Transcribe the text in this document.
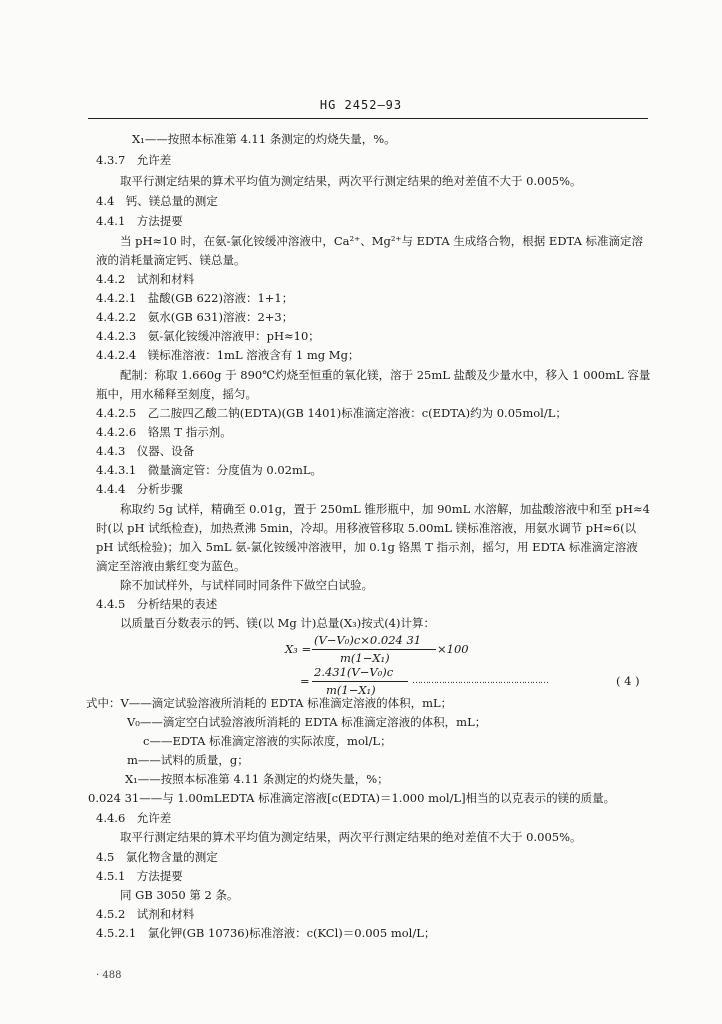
HG 2452—93
X₁——按照本标准第 4.11 条测定的灼烧失量，%。
4.3.7　允许差
取平行测定结果的算术平均值为测定结果，两次平行测定结果的绝对差值不大于 0.005%。
4.4　钙、镁总量的测定
4.4.1　方法提要
当 pH≈10 时，在氨-氯化铵缓冲溶液中，Ca²⁺、Mg²⁺与 EDTA 生成络合物，根据 EDTA 标准滴定溶
液的消耗量滴定钙、镁总量。
4.4.2　试剂和材料
4.4.2.1　盐酸(GB 622)溶液：1+1；
4.4.2.2　氨水(GB 631)溶液：2+3；
4.4.2.3　氨-氯化铵缓冲溶液甲：pH≈10；
4.4.2.4　镁标准溶液：1mL 溶液含有 1 mg Mg；
配制：称取 1.660g 于 890℃灼烧至恒重的氧化镁，溶于 25mL 盐酸及少量水中，移入 1 000mL 容量
瓶中，用水稀释至刻度，摇匀。
4.4.2.5　乙二胺四乙酸二钠(EDTA)(GB 1401)标准滴定溶液：c(EDTA)约为 0.05mol/L；
4.4.2.6　铬黑 T 指示剂。
4.4.3　仪器、设备
4.4.3.1　微量滴定管：分度值为 0.02mL。
4.4.4　分析步骤
称取约 5g 试样，精确至 0.01g，置于 250mL 锥形瓶中，加 90mL 水溶解，加盐酸溶液中和至 pH≈4
时(以 pH 试纸检查)，加热煮沸 5min，冷却。用移液管移取 5.00mL 镁标准溶液，用氨水调节 pH≈6(以
pH 试纸检验)；加入 5mL 氨-氯化铵缓冲溶液甲，加 0.1g 铬黑 T 指示剂，摇匀，用 EDTA 标准滴定溶液
滴定至溶液由紫红变为蓝色。
除不加试样外，与试样同时同条件下做空白试验。
4.4.5　分析结果的表述
以质量百分数表示的钙、镁(以 Mg 计)总量(X₃)按式(4)计算：
X₃ =
(V−V₀)c×0.024 31
m(1−X₁)
×100
=
2.431(V−V₀)c
m(1−X₁)
……………………………………………	( 4 )
式中：V——滴定试验溶液所消耗的 EDTA 标准滴定溶液的体积，mL；
V₀——滴定空白试验溶液所消耗的 EDTA 标准滴定溶液的体积，mL；
c——EDTA 标准滴定溶液的实际浓度，mol/L；
m——试料的质量，g；
X₁——按照本标准第 4.11 条测定的灼烧失量，%；
0.024 31——与 1.00mLEDTA 标准滴定溶液[c(EDTA)＝1.000 mol/L]相当的以克表示的镁的质量。
4.4.6　允许差
取平行测定结果的算术平均值为测定结果，两次平行测定结果的绝对差值不大于 0.005%。
4.5　氯化物含量的测定
4.5.1　方法提要
同 GB 3050 第 2 条。
4.5.2　试剂和材料
4.5.2.1　氯化钾(GB 10736)标准溶液：c(KCl)＝0.005 mol/L；
· 488
